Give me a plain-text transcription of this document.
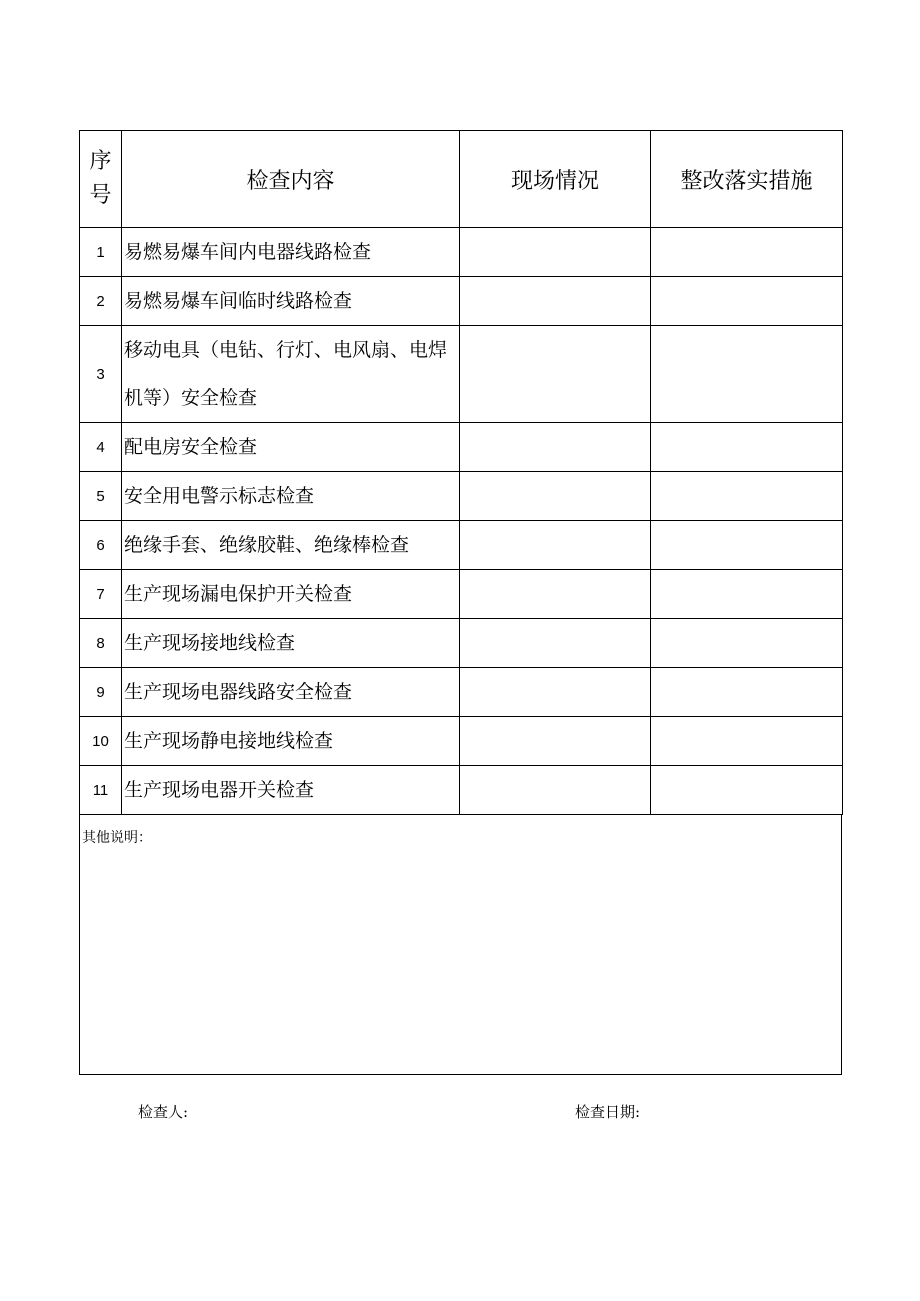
序
号	检查内容	现场情况	整改落实措施
1	易燃易爆车间内电器线路检查		
2	易燃易爆车间临时线路检查		
3	移动电具（电钻、行灯、电风扇、电焊机等）安全检查		
4	配电房安全检查		
5	安全用电警示标志检查		
6	绝缘手套、绝缘胶鞋、绝缘棒检查		
7	生产现场漏电保护开关检查		
8	生产现场接地线检查		
9	生产现场电器线路安全检查		
10	生产现场静电接地线检查		
11	生产现场电器开关检查		
其他说明：
检查人:	检查日期:
